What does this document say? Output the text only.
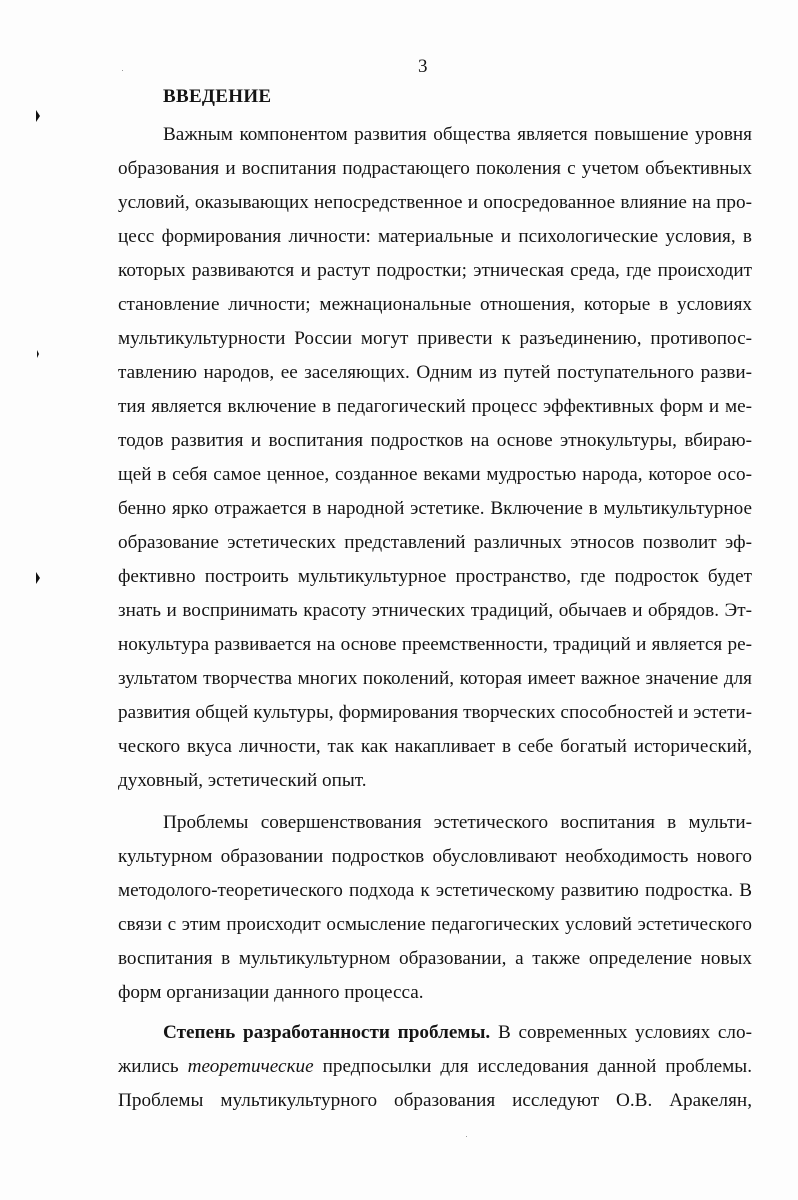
3
ВВЕДЕНИЕ
Важным компонентом развития общества является повышение уровня
образования и воспитания подрастающего поколения с учетом объективных
условий, оказывающих непосредственное и опосредованное влияние на про-
цесс формирования личности: материальные и психологические условия, в
которых развиваются и растут подростки; этническая среда, где происходит
становление личности; межнациональные отношения, которые в условиях
мультикультурности России могут привести к разъединению, противопос-
тавлению народов, ее заселяющих. Одним из путей поступательного разви-
тия является включение в педагогический процесс эффективных форм и ме-
тодов развития и воспитания подростков на основе этнокультуры, вбираю-
щей в себя самое ценное, созданное веками мудростью народа, которое осо-
бенно ярко отражается в народной эстетике. Включение в мультикультурное
образование эстетических представлений различных этносов позволит эф-
фективно построить мультикультурное пространство, где подросток будет
знать и воспринимать красоту этнических традиций, обычаев и обрядов. Эт-
нокультура развивается на основе преемственности, традиций и является ре-
зультатом творчества многих поколений, которая имеет важное значение для
развития общей культуры, формирования творческих способностей и эстети-
ческого вкуса личности, так как накапливает в себе богатый исторический,
духовный, эстетический опыт.
Проблемы совершенствования эстетического воспитания в мульти-
культурном образовании подростков обусловливают необходимость нового
методолого-теоретического подхода к эстетическому развитию подростка. В
связи с этим происходит осмысление педагогических условий эстетического
воспитания в мультикультурном образовании, а также определение новых
форм организации данного процесса.
Степень разработанности проблемы. В современных условиях сло-
жились теоретические предпосылки для исследования данной проблемы.
Проблемы мультикультурного образования исследуют О.В. Аракелян,
